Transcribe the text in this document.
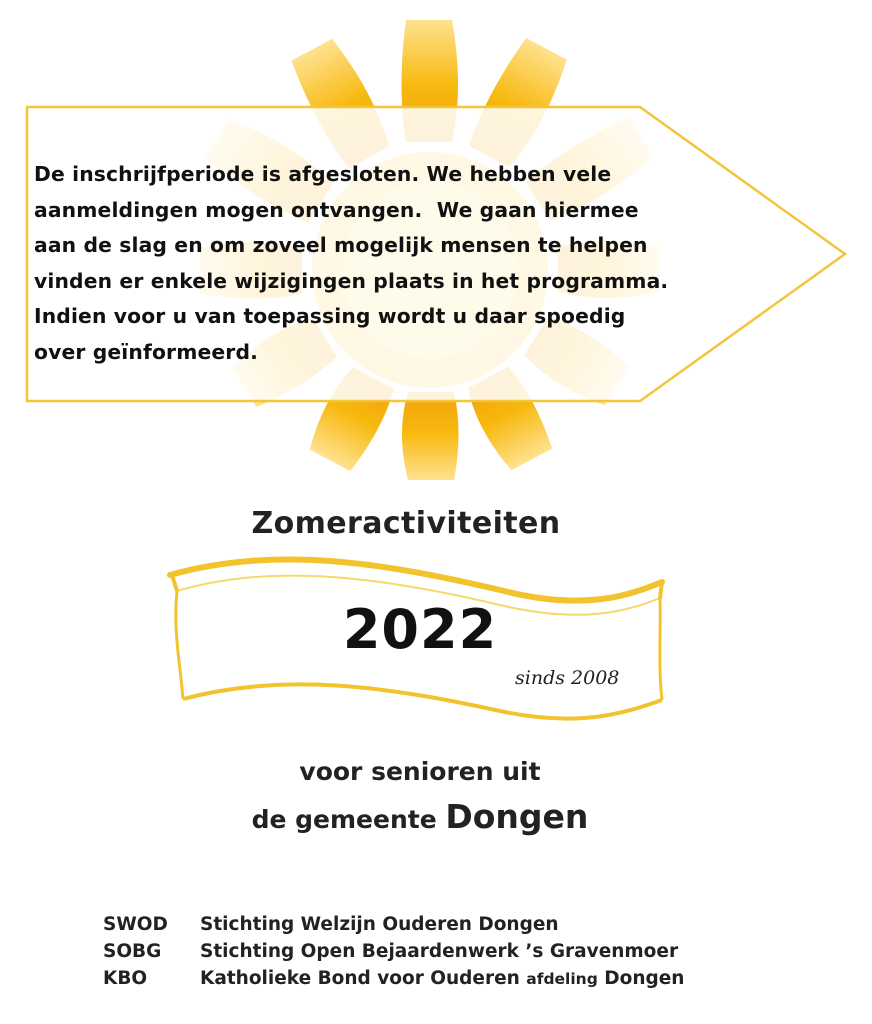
De inschrijfperiode is afgesloten. We hebben vele
aanmeldingen mogen ontvangen.  We gaan hiermee
aan de slag en om zoveel mogelijk mensen te helpen
vinden er enkele wijzigingen plaats in het programma.
Indien voor u van toepassing wordt u daar spoedig
over geïnformeerd.
Zomeractiviteiten
2022
sinds 2008
voor senioren uit
de gemeente Dongen
SWOD	Stichting Welzijn Ouderen Dongen
SOBG	Stichting Open Bejaardenwerk ’s Gravenmoer
KBO	Katholieke Bond voor Ouderen afdeling Dongen
